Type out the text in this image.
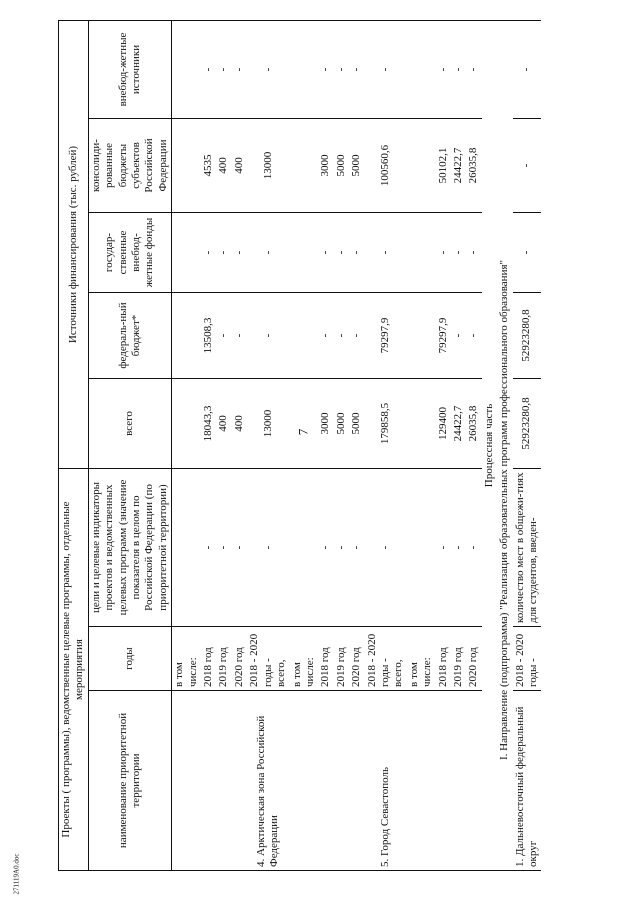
7
271119A0.doc
Проекты ( программы), ведомственные целевые программы, отдельные мероприятия			Источники финансирования (тыс. рублей)				
наименование приоритетной территории	годы	цели и целевые индикаторы проектов и ведомственных целевых программ (значение показателя в целом по Российской Федерации (по приоритетной территории)	всего	федераль-ный бюджет*	государ-ственные внебюд-жетные фонды	консолиди-рованные бюджеты субъектов Российской Федерации	внебюд-жетные источники
	в том числе:						
	2018 год	-	18043,3	13508,3	-	4535	-
	2019 год	-	400	-	-	400	-
	2020 год	-	400	-	-	400	-
4. Арктическая зона Российской Федерации	2018 - 2020 годы - всего,	-	13000	-	-	13000	-
	в том числе:						
	2018 год	-	3000	-	-	3000	-
	2019 год	-	5000	-	-	5000	-
	2020 год	-	5000	-	-	5000	-
5. Город Севастополь	2018 - 2020 годы - всего,	-	179858,5	79297,9	-	100560,6	-
	в том числе:						
	2018 год	-	129400	79297,9	-	50102,1	-
	2019 год	-	24422,7	-	-	24422,7	-
	2020 год	-	26035,8	-	-	26035,8	-
Процессная часть							
I. Направление (подпрограмма) "Реализация образовательных программ профессионального образования"							
1. Дальневосточный федеральный округ	2018 - 2020 годы -	количество мест в общежи-тиях для студентов, введен-	52923280,8	52923280,8	-	-	-
